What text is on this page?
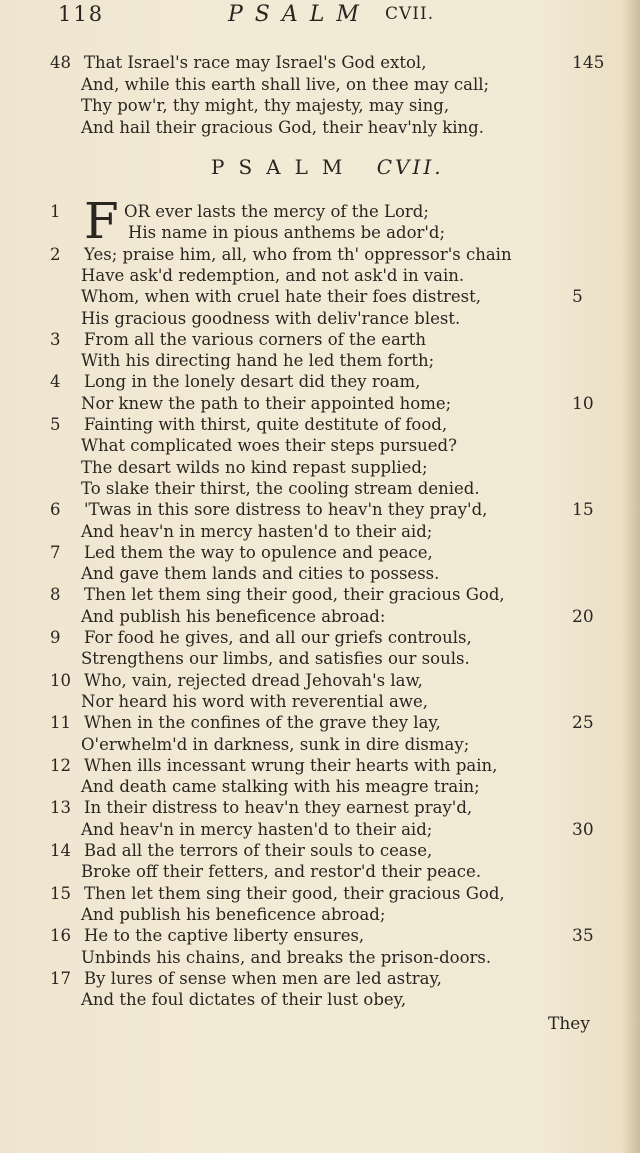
118	PSALM CVII.
48 That Israel's race may Israel's God extol,	145
And, while this earth shall live, on thee may call;
Thy pow'r, thy might, thy majesty, may sing,
And hail their gracious God, their heav'nly king.
PSALM CVII.
F
1	OR ever lasts the mercy of the Lord;
His name in pious anthems be ador'd;
2	Yes; praise him, all, who from th' oppressor's chain
Have ask'd redemption, and not ask'd in vain.
Whom, when with cruel hate their foes distrest,	5
His gracious goodness with deliv'rance blest.
3	From all the various corners of the earth
With his directing hand he led them forth;
4	Long in the lonely desart did they roam,
Nor knew the path to their appointed home;	10
5	Fainting with thirst, quite destitute of food,
What complicated woes their steps pursued?
The desart wilds no kind repast supplied;
To slake their thirst, the cooling stream denied.
6	'Twas in this sore distress to heav'n they pray'd,	15
And heav'n in mercy hasten'd to their aid;
7	Led them the way to opulence and peace,
And gave them lands and cities to possess.
8	Then let them sing their good, their gracious God,
And publish his beneficence abroad:	20
9	For food he gives, and all our griefs controuls,
Strengthens our limbs, and satisfies our souls.
10 Who, vain, rejected dread Jehovah's law,
Nor heard his word with reverential awe,
11 When in the confines of the grave they lay,	25
O'erwhelm'd in darkness, sunk in dire dismay;
12 When ills incessant wrung their hearts with pain,
And death came stalking with his meagre train;
13 In their distress to heav'n they earnest pray'd,
And heav'n in mercy hasten'd to their aid;	30
14 Bad all the terrors of their souls to cease,
Broke off their fetters, and restor'd their peace.
15 Then let them sing their good, their gracious God,
And publish his beneficence abroad;
16 He to the captive liberty ensures,	35
Unbinds his chains, and breaks the prison-doors.
17 By lures of sense when men are led astray,
And the foul dictates of their lust obey,
They
